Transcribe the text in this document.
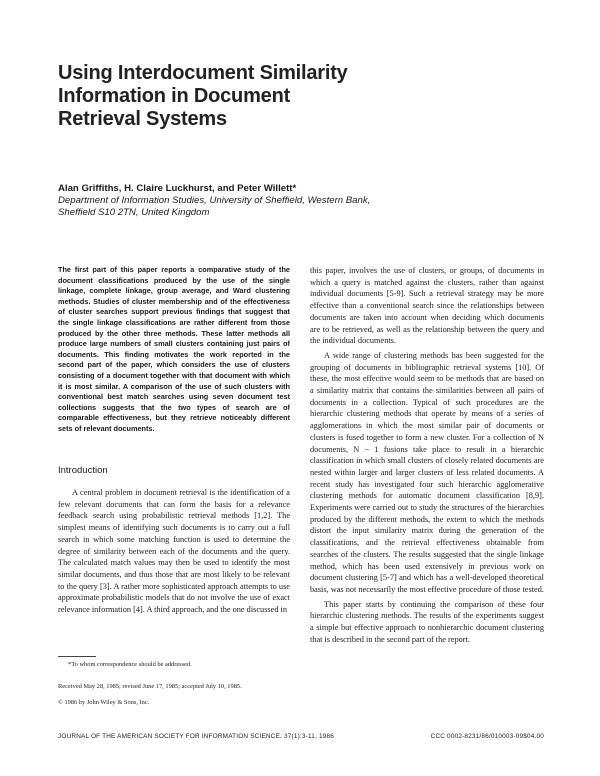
Using Interdocument Similarity
Information in Document
Retrieval Systems
Alan Griffiths, H. Claire Luckhurst, and Peter Willett*
Department of Information Studies, University of Sheffield, Western Bank,
Sheffield S10 2TN, United Kingdom

The first part of this paper reports a comparative study of the document classifications produced by the use of the single linkage, complete linkage, group average, and Ward clustering methods. Studies of cluster membership and of the effectiveness of cluster searches support previous findings that suggest that the single linkage classifications are rather different from those produced by the other three methods. These latter methods all produce large numbers of small clusters containing just pairs of documents. This finding motivates the work reported in the second part of the paper, which considers the use of clusters consisting of a document together with that document with which it is most similar. A comparison of the use of such clusters with conventional best match searches using seven document test collections suggests that the two types of search are of comparable effectiveness, but they retrieve noticeably different sets of relevant documents.

Introduction

A central problem in document retrieval is the identification of a few relevant documents that can form the basis for a relevance feedback search using probabilistic retrieval methods [1,2]. The simplest means of identifying such documents is to carry out a full search in which some matching function is used to determine the degree of similarity between each of the documents and the query. The calculated match values may then be used to identify the most similar documents, and thus those that are most likely to be relevant to the query [3]. A rather more sophisticated approach attempts to use approximate probabilistic models that do not involve the use of exact relevance information [4]. A third approach, and the one discussed in

*To whom correspondence should be addressed.

Received May 28, 1985; revised June 17, 1985; accepted July 10, 1985.

© 1986 by John Wiley & Sons, Inc.

this paper, involves the use of clusters, or groups, of documents in which a query is matched against the clusters, rather than against individual documents [5-9]. Such a retrieval strategy may be more effective than a conventional search since the relationships between documents are taken into account when deciding which documents are to be retrieved, as well as the relationship between the query and the individual documents.

A wide range of clustering methods has been suggested for the grouping of documents in bibliographic retrieval systems [10]. Of these, the most effective would seem to be methods that are based on a similarity matrix that contains the similarities between all pairs of documents in a collection. Typical of such procedures are the hierarchic clustering methods that operate by means of a series of agglomerations in which the most similar pair of documents or clusters is fused together to form a new cluster. For a collection of N documents, N − 1 fusions take place to result in a hierarchic classification in which small clusters of closely related documents are nested within larger and larger clusters of less related documents. A recent study has investigated four such hierarchic agglomerative clustering methods for automatic document classification [8,9]. Experiments were carried out to study the structures of the hierarchies produced by the different methods, the extent to which the methods distort the input similarity matrix during the generation of the classifications, and the retrieval effectiveness obtainable from searches of the clusters. The results suggested that the single linkage method, which has been used extensively in previous work on document clustering [5-7] and which has a well-developed theoretical basis, was not necessarily the most effective procedure of those tested.

This paper starts by continuing the comparison of these four hierarchic clustering methods. The results of the experiments suggest a simple but effective approach to nonhierarchic document clustering that is described in the second part of the report.

JOURNAL OF THE AMERICAN SOCIETY FOR INFORMATION SCIENCE. 37(1):3-11, 1986	CCC 0002-8231/86/010003-09$04.00
